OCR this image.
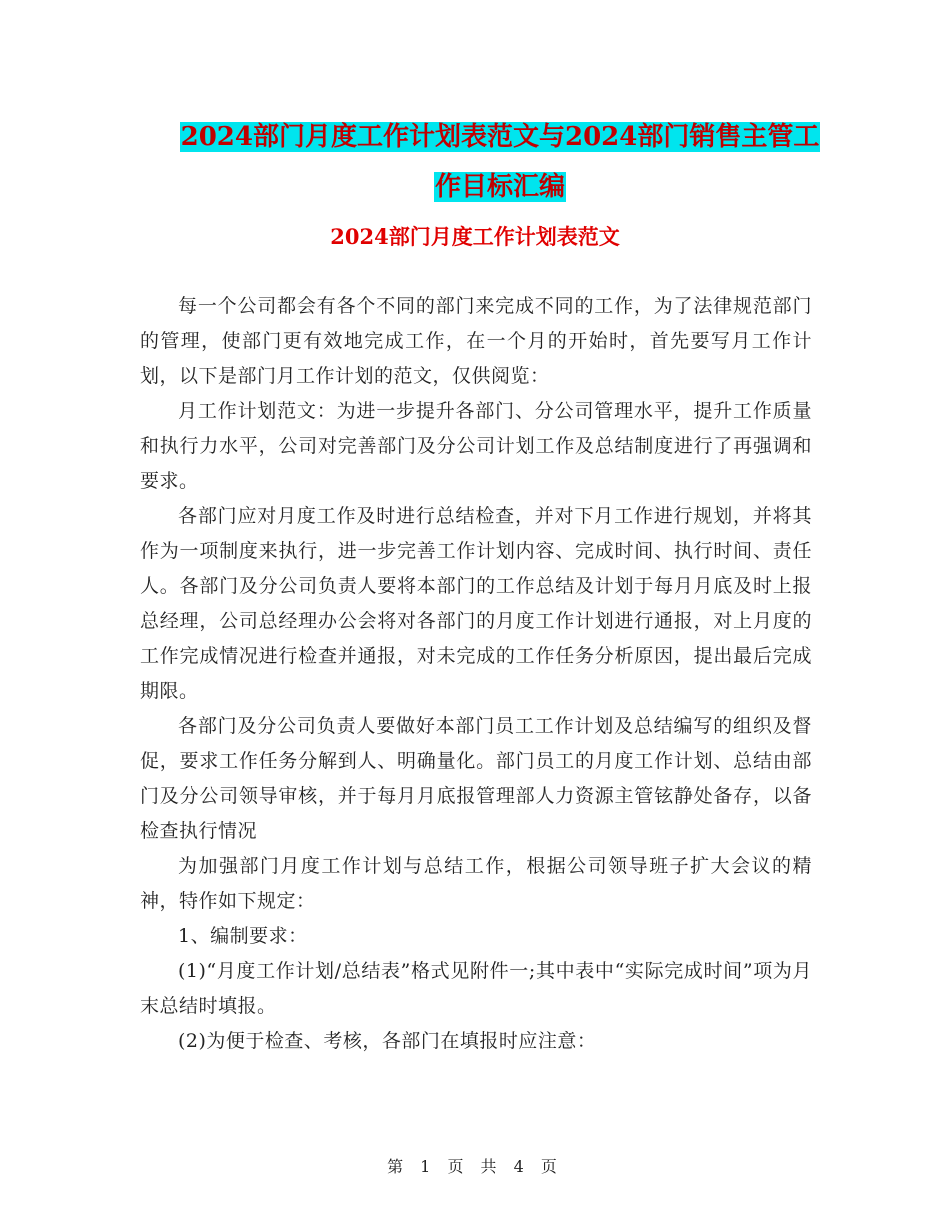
2024部门月度工作计划表范文与2024部门销售主管工
作目标汇编
2024部门月度工作计划表范文

每一个公司都会有各个不同的部门来完成不同的工作，为了法律规范部门的管理，使部门更有效地完成工作，在一个月的开始时，首先要写月工作计划，以下是部门月工作计划的范文，仅供阅览：

月工作计划范文：为进一步提升各部门、分公司管理水平，提升工作质量和执行力水平，公司对完善部门及分公司计划工作及总结制度进行了再强调和要求。

各部门应对月度工作及时进行总结检查，并对下月工作进行规划，并将其作为一项制度来执行，进一步完善工作计划内容、完成时间、执行时间、责任人。各部门及分公司负责人要将本部门的工作总结及计划于每月月底及时上报总经理，公司总经理办公会将对各部门的月度工作计划进行通报，对上月度的工作完成情况进行检查并通报，对未完成的工作任务分析原因，提出最后完成期限。

各部门及分公司负责人要做好本部门员工工作计划及总结编写的组织及督促，要求工作任务分解到人、明确量化。部门员工的月度工作计划、总结由部门及分公司领导审核，并于每月月底报管理部人力资源主管铉静处备存，以备检查执行情况

为加强部门月度工作计划与总结工作，根据公司领导班子扩大会议的精神，特作如下规定：

1、编制要求：

(1)“月度工作计划/总结表”格式见附件一;其中表中“实际完成时间”项为月末总结时填报。

(2)为便于检查、考核，各部门在填报时应注意：

第 1 页 共 4 页
